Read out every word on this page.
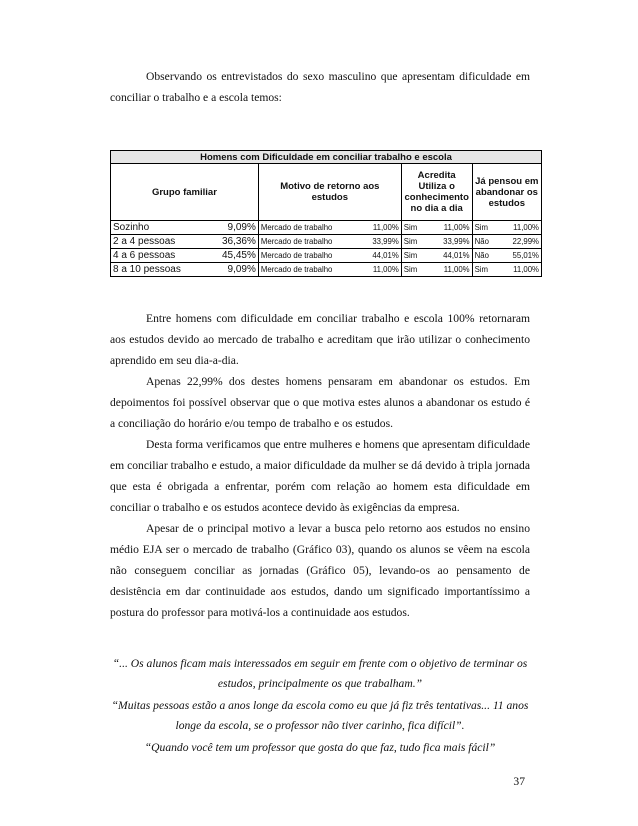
Observando os entrevistados do sexo masculino que apresentam dificuldade em conciliar o trabalho e a escola temos:

Homens com Dificuldade em conciliar trabalho e escola							
Grupo familiar		Motivo de retorno aos estudos		Acredita Utiliza o conhecimento no dia a dia		Já pensou em abandonar os estudos	
Sozinho	9,09%	Mercado de trabalho	11,00%	Sim	11,00%	Sim	11,00%
2 a 4 pessoas	36,36%	Mercado de trabalho	33,99%	Sim	33,99%	Não	22,99%
4 a 6 pessoas	45,45%	Mercado de trabalho	44,01%	Sim	44,01%	Não	55,01%
8 a 10 pessoas	9,09%	Mercado de trabalho	11,00%	Sim	11,00%	Sim	11,00%

Entre homens com dificuldade em conciliar trabalho e escola 100% retornaram aos estudos devido ao mercado de trabalho e acreditam que irão utilizar o conhecimento aprendido em seu dia-a-dia.

Apenas 22,99% dos destes homens pensaram em abandonar os estudos. Em depoimentos foi possível observar que o que motiva estes alunos a abandonar os estudo é a conciliação do horário e/ou tempo de trabalho e os estudos.

Desta forma verificamos que entre mulheres e homens que apresentam dificuldade em conciliar trabalho e estudo, a maior dificuldade da mulher se dá devido à tripla jornada que esta é obrigada a enfrentar, porém com relação ao homem esta dificuldade em conciliar o trabalho e os estudos acontece devido às exigências da empresa.

Apesar de o principal motivo a levar a busca pelo retorno aos estudos no ensino médio EJA ser o mercado de trabalho (Gráfico 03), quando os alunos se vêem na escola não conseguem conciliar as jornadas (Gráfico 05), levando-os ao pensamento de desistência em dar continuidade aos estudos, dando um significado importantíssimo a postura do professor para motivá-los a continuidade aos estudos.

“... Os alunos ficam mais interessados em seguir em frente com o objetivo de terminar os estudos, principalmente os que trabalham.”

“Muitas pessoas estão a anos longe da escola como eu que já fiz três tentativas... 11 anos longe da escola, se o professor não tiver carinho, fica difícil”.

“Quando você tem um professor que gosta do que faz, tudo fica mais fácil”

37
